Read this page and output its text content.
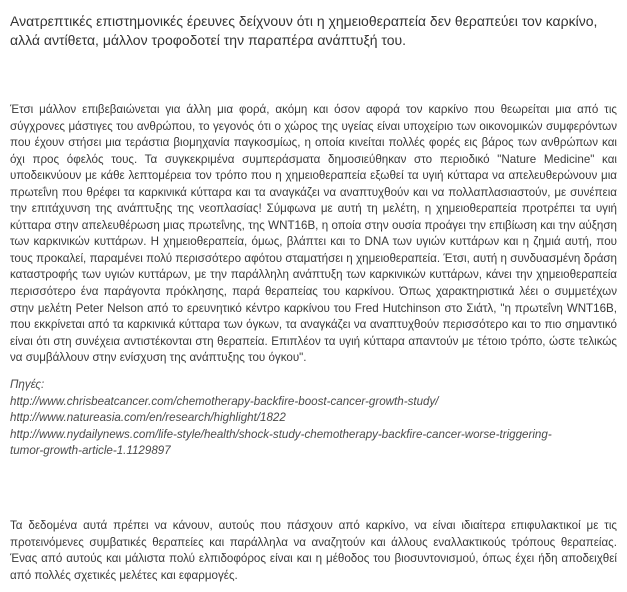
Ανατρεπτικές επιστημονικές έρευνες δείχνουν ότι η χημειοθεραπεία δεν θεραπεύει τον καρκίνο, αλλά αντίθετα, μάλλον τροφοδοτεί την παραπέρα ανάπτυξή του.

Έτσι μάλλον επιβεβαιώνεται για άλλη μια φορά, ακόμη και όσον αφορά τον καρκίνο που θεωρείται μια από τις σύγχρονες μάστιγες του ανθρώπου, το γεγονός ότι ο χώρος της υγείας είναι υποχείριο των οικονομικών συμφερόντων που έχουν στήσει μια τεράστια βιομηχανία παγκοσμίως, η οποία κινείται πολλές φορές εις βάρος των ανθρώπων και όχι προς όφελός τους. Τα συγκεκριμένα συμπεράσματα δημοσιεύθηκαν στο περιοδικό "Nature Medicine" και υποδεικνύουν με κάθε λεπτομέρεια τον τρόπο που η χημειοθεραπεία εξωθεί τα υγιή κύτταρα να απελευθερώνουν μια πρωτεΐνη που θρέφει τα καρκινικά κύτταρα και τα αναγκάζει να αναπτυχθούν και να πολλαπλασιαστούν, με συνέπεια την επιτάχυνση της ανάπτυξης της νεοπλασίας! Σύμφωνα με αυτή τη μελέτη, η χημειοθεραπεία προτρέπει τα υγιή κύτταρα στην απελευθέρωση μιας πρωτεΐνης, της WNT16B, η οποία στην ουσία προάγει την επιβίωση και την αύξηση των καρκινικών κυττάρων. Η χημειοθεραπεία, όμως, βλάπτει και το DNA των υγιών κυττάρων και η ζημιά αυτή, που τους προκαλεί, παραμένει πολύ περισσότερο αφότου σταματήσει η χημειοθεραπεία. Έτσι, αυτή η συνδυασμένη δράση καταστροφής των υγιών κυττάρων, με την παράλληλη ανάπτυξη των καρκινικών κυττάρων, κάνει την χημειοθεραπεία περισσότερο ένα παράγοντα πρόκλησης, παρά θεραπείας του καρκίνου. Όπως χαρακτηριστικά λέει ο συμμετέχων στην μελέτη Peter Nelson από το ερευνητικό κέντρο καρκίνου του Fred Hutchinson στο Σιάτλ, "η πρωτεΐνη WNT16B, που εκκρίνεται από τα καρκινικά κύτταρα των όγκων, τα αναγκάζει να αναπτυχθούν περισσότερο και το πιο σημαντικό είναι ότι στη συνέχεια αντιστέκονται στη θεραπεία. Επιπλέον τα υγιή κύτταρα απαντούν με τέτοιο τρόπο, ώστε τελικώς να συμβάλλουν στην ενίσχυση της ανάπτυξης του όγκου".

Πηγές:
http://www.chrisbeatcancer.com/chemotherapy-backfire-boost-cancer-growth-study/
http://www.natureasia.com/en/research/highlight/1822
http://www.nydailynews.com/life-style/health/shock-study-chemotherapy-backfire-cancer-worse-triggering-
tumor-growth-article-1.1129897

Τα δεδομένα αυτά πρέπει να κάνουν, αυτούς που πάσχουν από καρκίνο, να είναι ιδιαίτερα επιφυλακτικοί με τις προτεινόμενες συμβατικές θεραπείες και παράλληλα να αναζητούν και άλλους εναλλακτικούς τρόπους θεραπείας. Ένας από αυτούς και μάλιστα πολύ ελπιδοφόρος είναι και η μέθοδος του βιοσυντονισμού, όπως έχει ήδη αποδειχθεί από πολλές σχετικές μελέτες και εφαρμογές.
